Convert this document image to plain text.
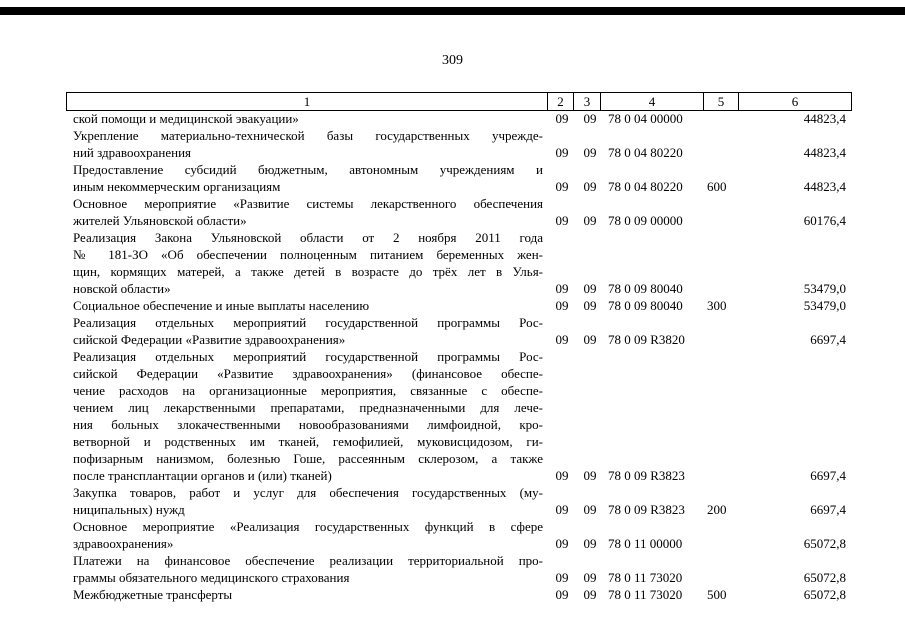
309
1	2	3	4	5	6
ской помощи и медицинской эвакуации»	09 09 78 0 04 00000	44823,4
Укрепление материально-технической базы государственных учрежде-
ний здравоохранения	09 09 78 0 04 80220	44823,4
Предоставление субсидий бюджетным, автономным учреждениям и
иным некоммерческим организациям	09 09 78 0 04 80220	600	44823,4
Основное мероприятие «Развитие системы лекарственного обеспечения
жителей Ульяновской области»	09 09 78 0 09 00000	60176,4
Реализация Закона Ульяновской области от 2 ноября 2011 года
№ 181-ЗО «Об обеспечении полноценным питанием беременных жен-
щин, кормящих матерей, а также детей в возрасте до трёх лет в Улья-
новской области»	09 09 78 0 09 80040	53479,0
Социальное обеспечение и иные выплаты населению	09 09 78 0 09 80040	300	53479,0
Реализация отдельных мероприятий государственной программы Рос-
сийской Федерации «Развитие здравоохранения»	09 09 78 0 09 R3820	6697,4
Реализация отдельных мероприятий государственной программы Рос-
сийской Федерации «Развитие здравоохранения» (финансовое обеспе-
чение расходов на организационные мероприятия, связанные с обеспе-
чением лиц лекарственными препаратами, предназначенными для лече-
ния больных злокачественными новообразованиями лимфоидной, кро-
ветворной и родственных им тканей, гемофилией, муковисцидозом, ги-
пофизарным нанизмом, болезнью Гоше, рассеянным склерозом, а также
после трансплантации органов и (или) тканей)	09 09 78 0 09 R3823	6697,4
Закупка товаров, работ и услуг для обеспечения государственных (му-
ниципальных) нужд	09 09 78 0 09 R3823	200	6697,4
Основное мероприятие «Реализация государственных функций в сфере
здравоохранения»	09 09 78 0 11 00000	65072,8
Платежи на финансовое обеспечение реализации территориальной про-
граммы обязательного медицинского страхования	09 09 78 0 11 73020	65072,8
Межбюджетные трансферты	09 09 78 0 11 73020	500	65072,8
